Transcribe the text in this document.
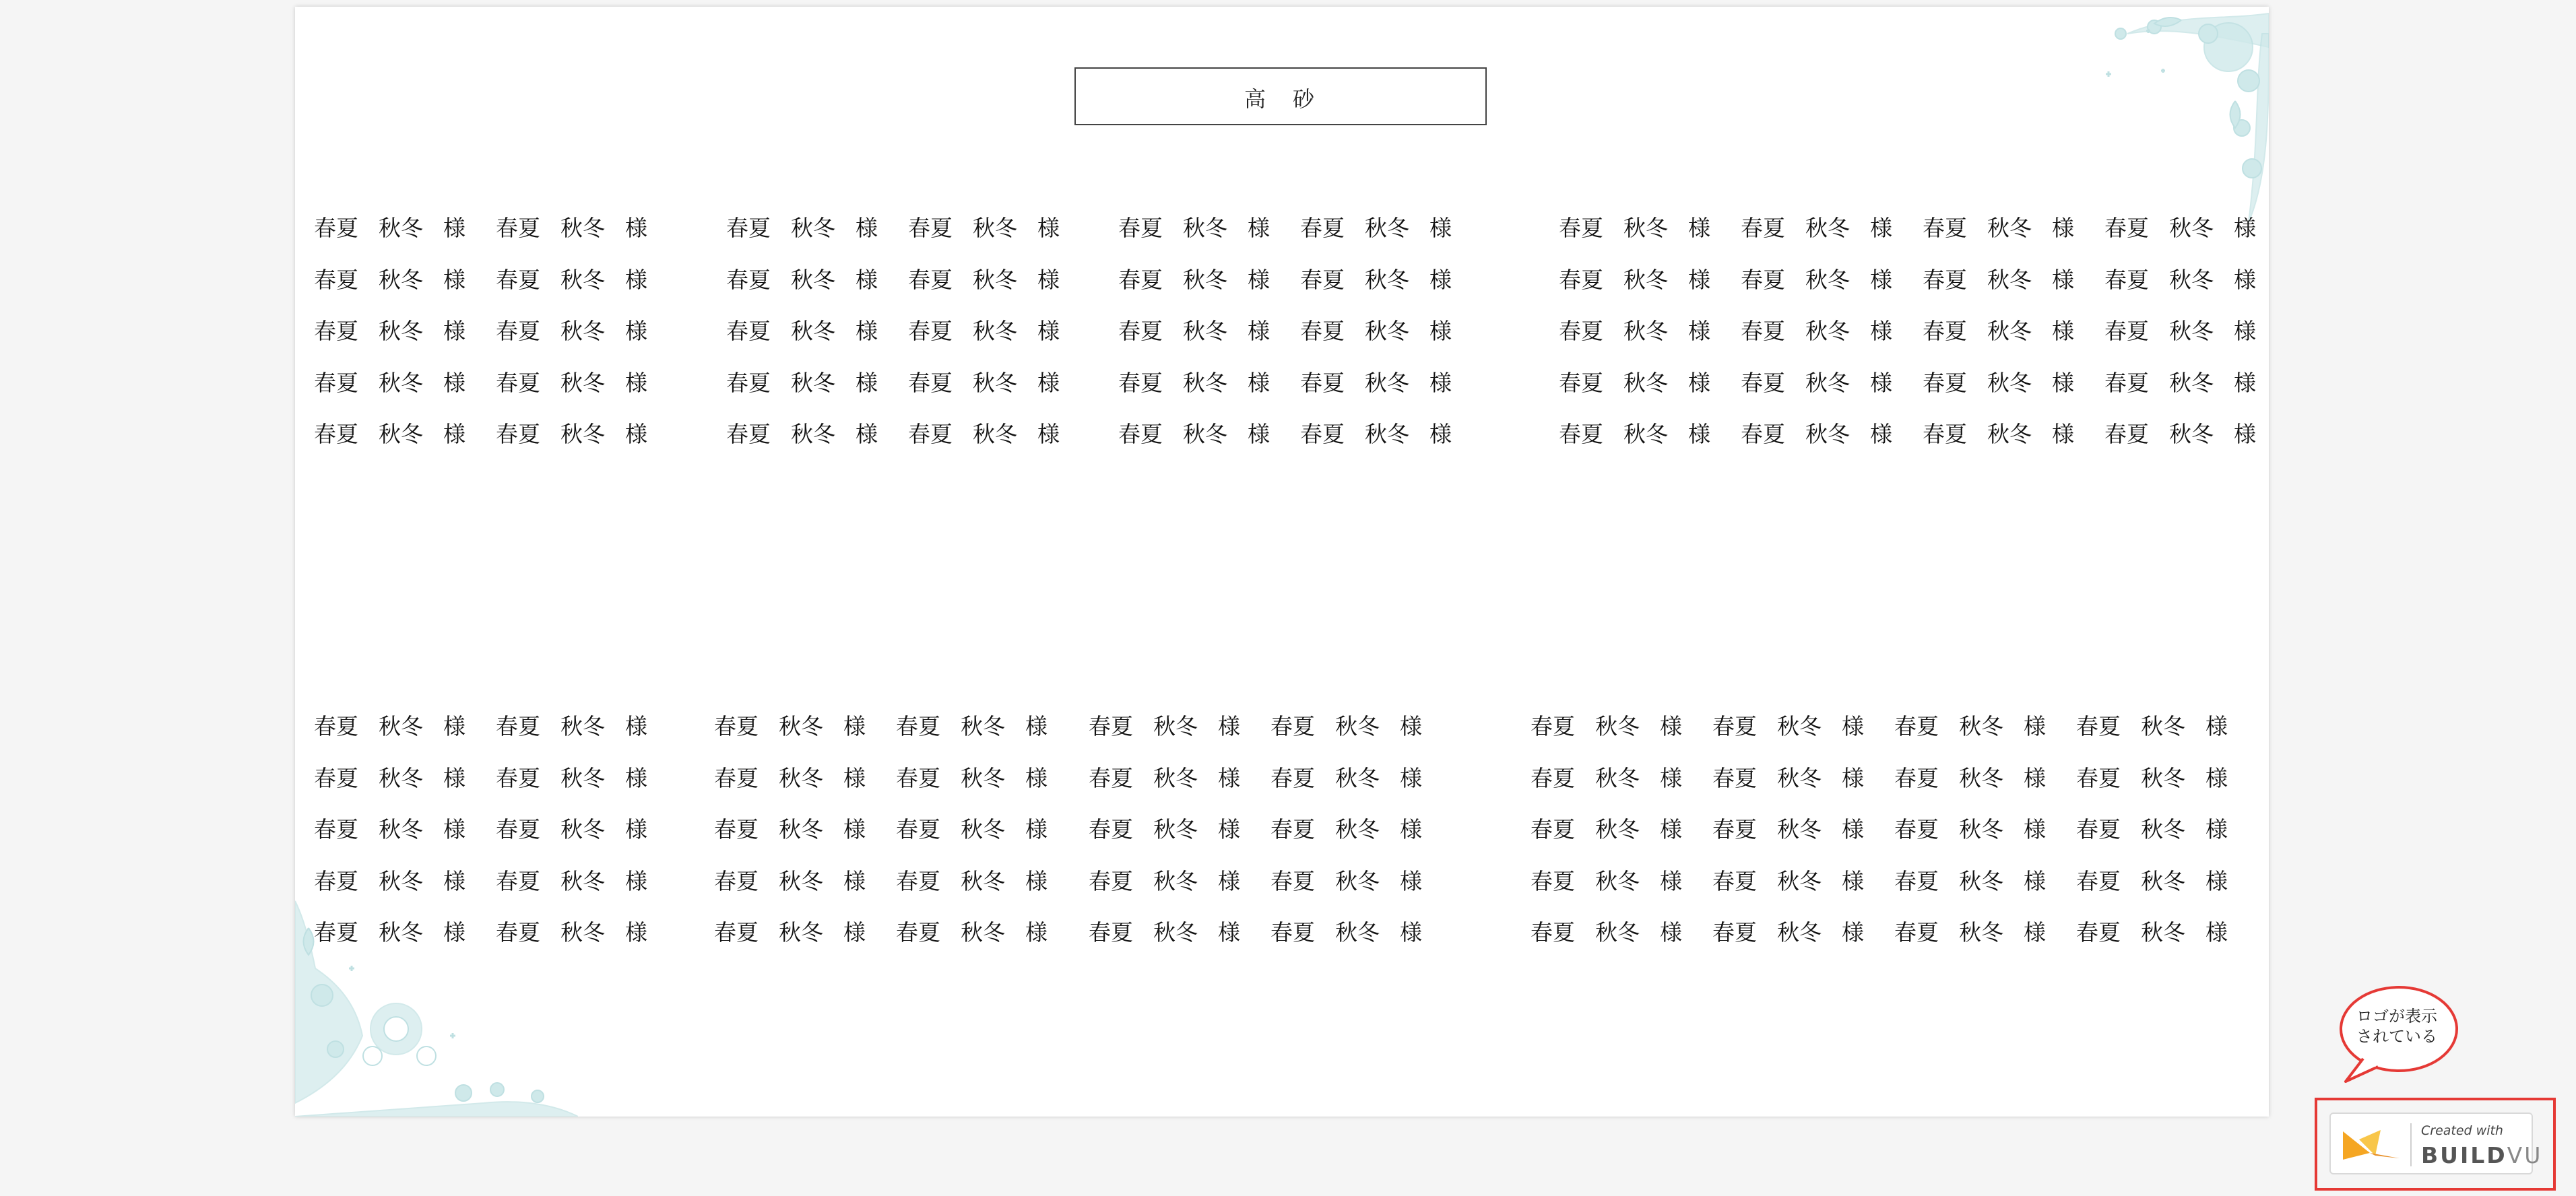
高　砂
春夏 秋冬 様 春夏 秋冬 様
春夏 秋冬 様 春夏 秋冬 様
春夏 秋冬 様 春夏 秋冬 様
春夏 秋冬 様 春夏 秋冬 様
春夏 秋冬 様 春夏 秋冬 様
春夏 秋冬 様 春夏 秋冬 様
春夏 秋冬 様 春夏 秋冬 様
春夏 秋冬 様 春夏 秋冬 様
春夏 秋冬 様 春夏 秋冬 様
春夏 秋冬 様 春夏 秋冬 様
春夏 秋冬 様 春夏 秋冬 様
春夏 秋冬 様 春夏 秋冬 様
春夏 秋冬 様 春夏 秋冬 様
春夏 秋冬 様 春夏 秋冬 様
春夏 秋冬 様 春夏 秋冬 様
春夏 秋冬 様 春夏 秋冬 様 春夏 秋冬 様 春夏 秋冬 様
春夏 秋冬 様 春夏 秋冬 様 春夏 秋冬 様 春夏 秋冬 様
春夏 秋冬 様 春夏 秋冬 様 春夏 秋冬 様 春夏 秋冬 様
春夏 秋冬 様 春夏 秋冬 様 春夏 秋冬 様 春夏 秋冬 様
春夏 秋冬 様 春夏 秋冬 様 春夏 秋冬 様 春夏 秋冬 様
春夏 秋冬 様 春夏 秋冬 様
春夏 秋冬 様 春夏 秋冬 様
春夏 秋冬 様 春夏 秋冬 様
春夏 秋冬 様 春夏 秋冬 様
春夏 秋冬 様 春夏 秋冬 様
春夏 秋冬 様 春夏 秋冬 様
春夏 秋冬 様 春夏 秋冬 様
春夏 秋冬 様 春夏 秋冬 様
春夏 秋冬 様 春夏 秋冬 様
春夏 秋冬 様 春夏 秋冬 様
春夏 秋冬 様 春夏 秋冬 様
春夏 秋冬 様 春夏 秋冬 様
春夏 秋冬 様 春夏 秋冬 様
春夏 秋冬 様 春夏 秋冬 様
春夏 秋冬 様 春夏 秋冬 様
春夏 秋冬 様 春夏 秋冬 様 春夏 秋冬 様 春夏 秋冬 様
春夏 秋冬 様 春夏 秋冬 様 春夏 秋冬 様 春夏 秋冬 様
春夏 秋冬 様 春夏 秋冬 様 春夏 秋冬 様 春夏 秋冬 様
春夏 秋冬 様 春夏 秋冬 様 春夏 秋冬 様 春夏 秋冬 様
春夏 秋冬 様 春夏 秋冬 様 春夏 秋冬 様 春夏 秋冬 様
ロゴが表示されている
Created with
BUILDVU
